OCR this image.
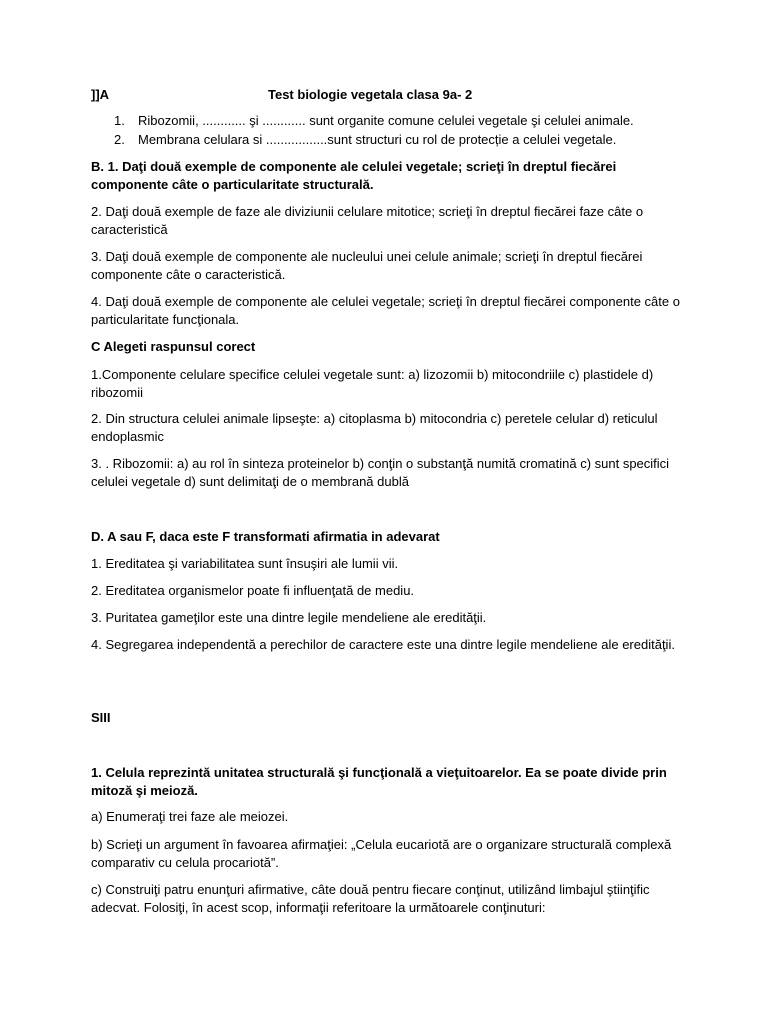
]]A	Test biologie vegetala clasa 9a- 2
1. Ribozomii, ............ şi ............ sunt organite comune celulei vegetale şi celulei animale.
2. Membrana celulara si .................sunt structuri cu rol de protecție a celulei vegetale.

B. 1. Daţi două exemple de componente ale celulei vegetale; scrieţi în dreptul fiecărei componente câte o particularitate structurală.

2. Daţi două exemple de faze ale diviziunii celulare mitotice; scrieţi în dreptul fiecărei faze câte o caracteristică

3. Daţi două exemple de componente ale nucleului unei celule animale; scrieţi în dreptul fiecărei componente câte o caracteristică.

4. Daţi două exemple de componente ale celulei vegetale; scrieţi în dreptul fiecărei componente câte o particularitate funcţionala.

C Alegeti raspunsul corect

1.Componente celulare specifice celulei vegetale sunt: a) lizozomii b) mitocondriile c) plastidele d) ribozomii

2. Din structura celulei animale lipseşte: a) citoplasma b) mitocondria c) peretele celular d) reticulul endoplasmic

3. . Ribozomii: a) au rol în sinteza proteinelor b) conţin o substanţă numită cromatină c) sunt specifici celulei vegetale d) sunt delimitaţi de o membrană dublă

D. A sau F, daca este F transformati afirmatia in adevarat

1. Ereditatea şi variabilitatea sunt însuşiri ale lumii vii.

2. Ereditatea organismelor poate fi influenţată de mediu.

3. Puritatea gameţilor este una dintre legile mendeliene ale eredităţii.

4. Segregarea independentă a perechilor de caractere este una dintre legile mendeliene ale eredităţii.

SIII

1. Celula reprezintă unitatea structurală şi funcţională a vieţuitoarelor. Ea se poate divide prin mitoză şi meioză.

a) Enumeraţi trei faze ale meiozei.

b) Scrieţi un argument în favoarea afirmaţiei: „Celula eucariotă are o organizare structurală complexă comparativ cu celula procariotă”.

c) Construiţi patru enunţuri afirmative, câte două pentru fiecare conţinut, utilizând limbajul ştiinţific adecvat. Folosiţi, în acest scop, informaţii referitoare la următoarele conţinuturi:
